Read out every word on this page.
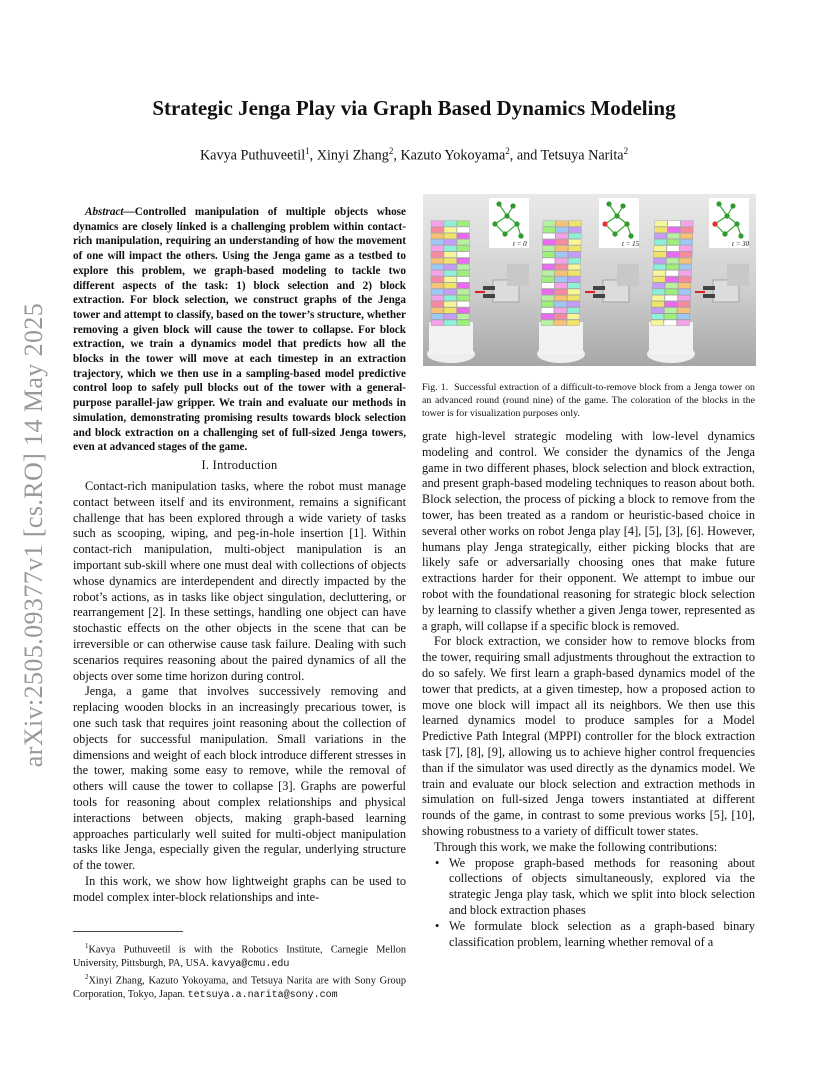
arXiv:2505.09377v1 [cs.RO] 14 May 2025
Strategic Jenga Play via Graph Based Dynamics Modeling
Kavya Puthuveetil$^1$, Xinyi Zhang$^2$, Kazuto Yokoyama$^2$, and Tetsuya Narita$^2$
Abstract—Controlled manipulation of multiple objects whose dynamics are closely linked is a challenging problem within contact-rich manipulation, requiring an understanding of how the movement of one will impact the others. Using the Jenga game as a testbed to explore this problem, we graph-based modeling to tackle two different aspects of the task: 1) block selection and 2) block extraction. For block selection, we construct graphs of the Jenga tower and attempt to classify, based on the tower’s structure, whether removing a given block will cause the tower to collapse. For block extraction, we train a dynamics model that predicts how all the blocks in the tower will move at each timestep in an extraction trajectory, which we then use in a sampling-based model predictive control loop to safely pull blocks out of the tower with a general-purpose parallel-jaw gripper. We train and evaluate our methods in simulation, demonstrating promising results towards block selection and block extraction on a challenging set of full-sized Jenga towers, even at advanced stages of the game.
I. Introduction

Contact-rich manipulation tasks, where the robot must manage contact between itself and its environment, remains a significant challenge that has been explored through a wide variety of tasks such as scooping, wiping, and peg-in-hole insertion [1]. Within contact-rich manipulation, multi-object manipulation is an important sub-skill where one must deal with collections of objects whose dynamics are interdependent and directly impacted by the robot’s actions, as in tasks like object singulation, decluttering, or rearrangement [2]. In these settings, handling one object can have stochastic effects on the other objects in the scene that can be irreversible or can otherwise cause task failure. Dealing with such scenarios requires reasoning about the paired dynamics of all the objects over some time horizon during control.

Jenga, a game that involves successively removing and replacing wooden blocks in an increasingly precarious tower, is one such task that requires joint reasoning about the collection of objects for successful manipulation. Small variations in the dimensions and weight of each block introduce different stresses in the tower, making some easy to remove, while the removal of others will cause the tower to collapse [3]. Graphs are powerful tools for reasoning about complex relationships and physical interactions between objects, making graph-based learning approaches particularly well suited for multi-object manipulation tasks like Jenga, especially given the regular, underlying structure of the tower.

In this work, we show how lightweight graphs can be used to model complex inter-block relationships and inte-

$^1$Kavya Puthuveetil is with the Robotics Institute, Carnegie Mellon University, Pittsburgh, PA, USA. kavya@cmu.edu

$^2$Xinyi Zhang, Kazuto Yokoyama, and Tetsuya Narita are with Sony Group Corporation, Tokyo, Japan. tetsuya.a.narita@sony.com

t = 0	t = 15	t = 30
Fig. 1. Successful extraction of a difficult-to-remove block from a Jenga tower on an advanced round (round nine) of the game. The coloration of the blocks in the tower is for visualization purposes only.

grate high-level strategic modeling with low-level dynamics modeling and control. We consider the dynamics of the Jenga game in two different phases, block selection and block extraction, and present graph-based modeling techniques to reason about both. Block selection, the process of picking a block to remove from the tower, has been treated as a random or heuristic-based choice in several other works on robot Jenga play [4], [5], [3], [6]. However, humans play Jenga strategically, either picking blocks that are likely safe or adversarially choosing ones that make future extractions harder for their opponent. We attempt to imbue our robot with the foundational reasoning for strategic block selection by learning to classify whether a given Jenga tower, represented as a graph, will collapse if a specific block is removed.

For block extraction, we consider how to remove blocks from the tower, requiring small adjustments throughout the extraction to do so safely. We first learn a graph-based dynamics model of the tower that predicts, at a given timestep, how a proposed action to move one block will impact all its neighbors. We then use this learned dynamics model to produce samples for a Model Predictive Path Integral (MPPI) controller for the block extraction task [7], [8], [9], allowing us to achieve higher control frequencies than if the simulator was used directly as the dynamics model. We train and evaluate our block selection and extraction methods in simulation on full-sized Jenga towers instantiated at different rounds of the game, in contrast to some previous works [5], [10], showing robustness to a variety of difficult tower states.

Through this work, we make the following contributions:

• We propose graph-based methods for reasoning about collections of objects simultaneously, explored via the strategic Jenga play task, which we split into block selection and block extraction phases
• We formulate block selection as a graph-based binary classification problem, learning whether removal of a
